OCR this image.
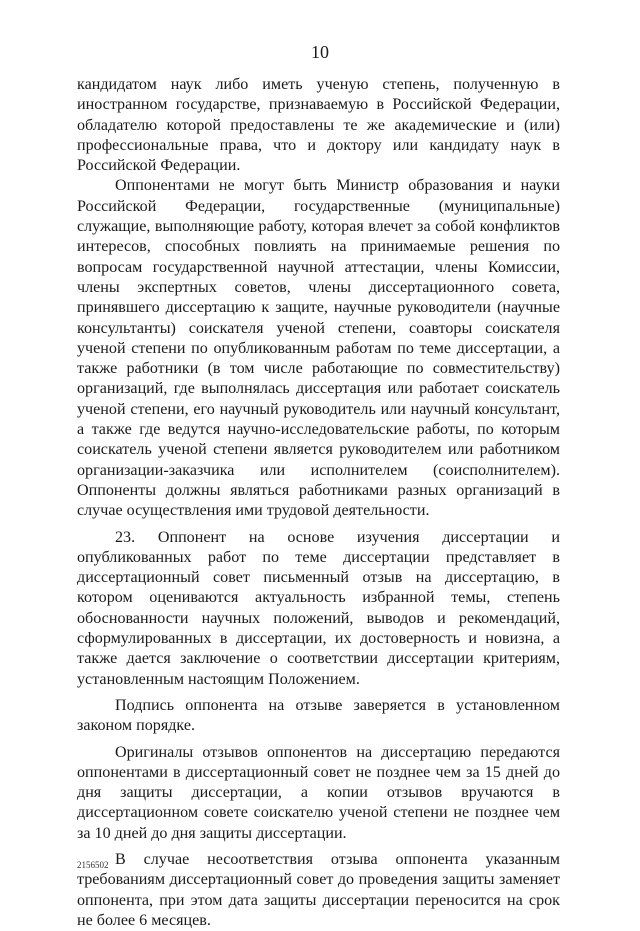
10

кандидатом наук либо иметь ученую степень, полученную в иностранном государстве, признаваемую в Российской Федерации, обладателю которой предоставлены те же академические и (или) профессиональные права, что и доктору или кандидату наук в Российской Федерации.

Оппонентами не могут быть Министр образования и науки Российской Федерации, государственные (муниципальные) служащие, выполняющие работу, которая влечет за собой конфликтов интересов, способных повлиять на принимаемые решения по вопросам государственной научной аттестации, члены Комиссии, члены экспертных советов, члены диссертационного совета, принявшего диссертацию к защите, научные руководители (научные консультанты) соискателя ученой степени, соавторы соискателя ученой степени по опубликованным работам по теме диссертации, а также работники (в том числе работающие по совместительству) организаций, где выполнялась диссертация или работает соискатель ученой степени, его научный руководитель или научный консультант, а также где ведутся научно-исследовательские работы, по которым соискатель ученой степени является руководителем или работником организации-заказчика или исполнителем (соисполнителем). Оппоненты должны являться работниками разных организаций в случае осуществления ими трудовой деятельности.

23. Оппонент на основе изучения диссертации и опубликованных работ по теме диссертации представляет в диссертационный совет письменный отзыв на диссертацию, в котором оцениваются актуальность избранной темы, степень обоснованности научных положений, выводов и рекомендаций, сформулированных в диссертации, их достоверность и новизна, а также дается заключение о соответствии диссертации критериям, установленным настоящим Положением.

Подпись оппонента на отзыве заверяется в установленном законом порядке.

Оригиналы отзывов оппонентов на диссертацию передаются оппонентами в диссертационный совет не позднее чем за 15 дней до дня защиты диссертации, а копии отзывов вручаются в диссертационном совете соискателю ученой степени не позднее чем за 10 дней до дня защиты диссертации.

В случае несоответствия отзыва оппонента указанным требованиям диссертационный совет до проведения защиты заменяет оппонента, при этом дата защиты диссертации переносится на срок не более 6 месяцев.

2156502
